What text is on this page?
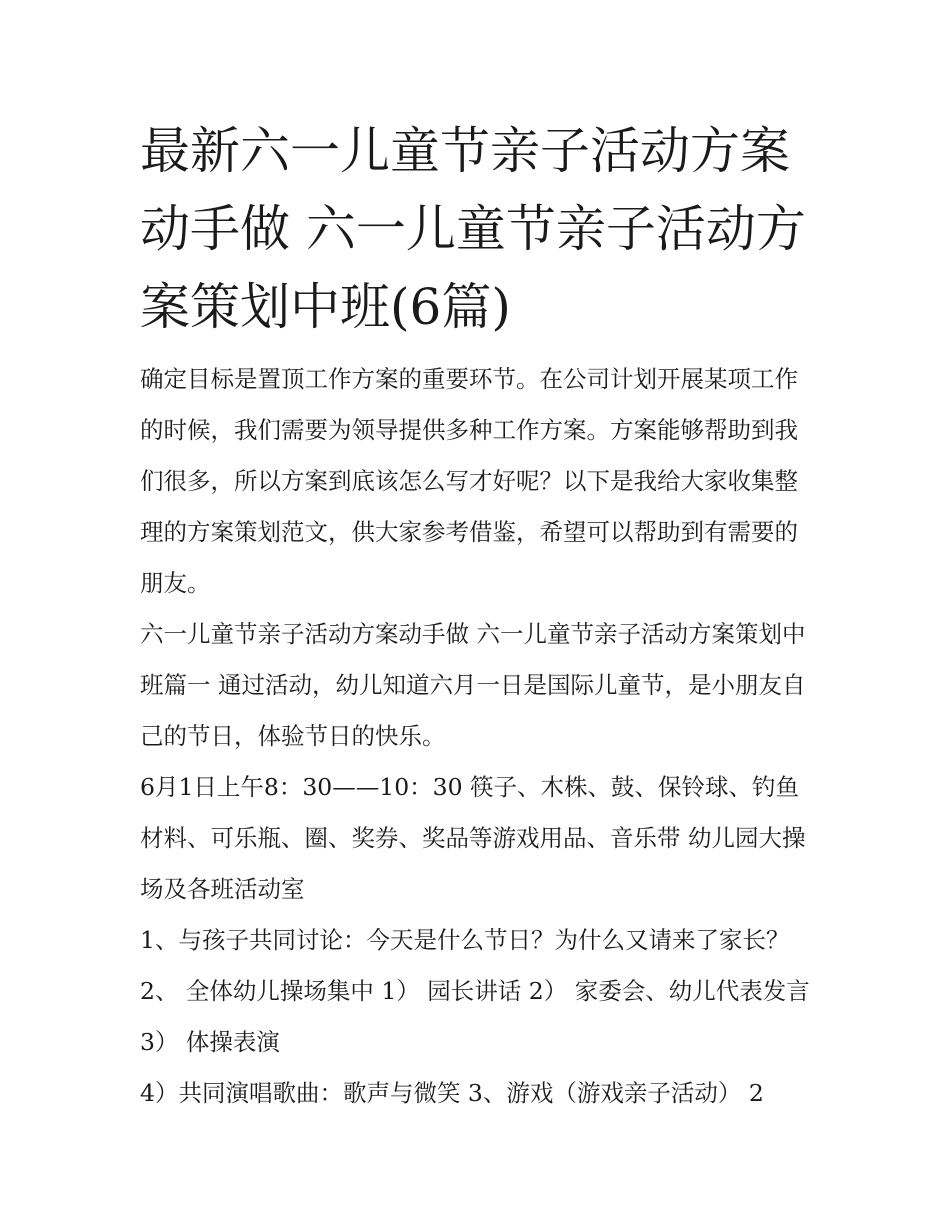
最新六一儿童节亲子活动方案动手做 六一儿童节亲子活动方案策划中班(6篇)

确定目标是置顶工作方案的重要环节。在公司计划开展某项工作的时候，我们需要为领导提供多种工作方案。方案能够帮助到我们很多，所以方案到底该怎么写才好呢？以下是我给大家收集整理的方案策划范文，供大家参考借鉴，希望可以帮助到有需要的朋友。

六一儿童节亲子活动方案动手做 六一儿童节亲子活动方案策划中班篇一 通过活动，幼儿知道六月一日是国际儿童节，是小朋友自己的节日，体验节日的快乐。

6月1日上午8：30——10：30 筷子、木株、鼓、保铃球、钓鱼材料、可乐瓶、圈、奖券、奖品等游戏用品、音乐带 幼儿园大操场及各班活动室

1、与孩子共同讨论：今天是什么节日？为什么又请来了家长？ 2、 全体幼儿操场集中 1） 园长讲话 2） 家委会、幼儿代表发言 3） 体操表演

4）共同演唱歌曲：歌声与微笑 3、游戏（游戏亲子活动） 2
